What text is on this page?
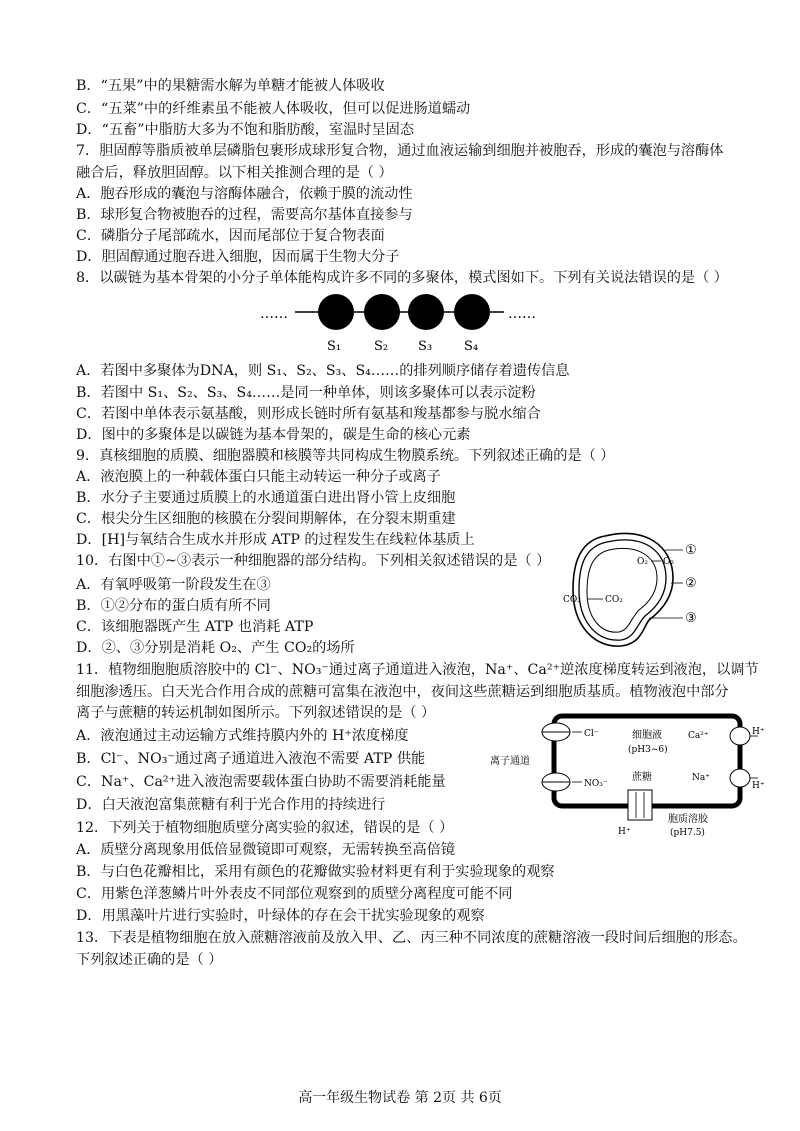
B．“五果”中的果糖需水解为单糖才能被人体吸收
C．“五菜”中的纤维素虽不能被人体吸收，但可以促进肠道蠕动
D．“五畜”中脂肪大多为不饱和脂肪酸，室温时呈固态
7．胆固醇等脂质被单层磷脂包裹形成球形复合物，通过血液运输到细胞并被胞吞，形成的囊泡与溶酶体
融合后，释放胆固醇。以下相关推测合理的是（ ）
A．胞吞形成的囊泡与溶酶体融合，依赖于膜的流动性
B．球形复合物被胞吞的过程，需要高尔基体直接参与
C．磷脂分子尾部疏水，因而尾部位于复合物表面
D．胆固醇通过胞吞进入细胞，因而属于生物大分子
8．以碳链为基本骨架的小分子单体能构成许多不同的多聚体，模式图如下。下列有关说法错误的是（ ）
……	……
S₁	S₂ S₃ S₄
A．若图中多聚体为DNA，则 S₁、S₂、S₃、S₄……的排列顺序储存着遗传信息
B．若图中 S₁、S₂、S₃、S₄……是同一种单体，则该多聚体可以表示淀粉
C．若图中单体表示氨基酸，则形成长链时所有氨基和羧基都参与脱水缩合
D．图中的多聚体是以碳链为基本骨架的，碳是生命的核心元素
9．真核细胞的质膜、细胞器膜和核膜等共同构成生物膜系统。下列叙述正确的是（ ）
A．液泡膜上的一种载体蛋白只能主动转运一种分子或离子
B．水分子主要通过质膜上的水通道蛋白进出肾小管上皮细胞
C．根尖分生区细胞的核膜在分裂间期解体，在分裂末期重建
D．[H]与氧结合生成水并形成 ATP 的过程发生在线粒体基质上
10．右图中①~③表示一种细胞器的部分结构。下列相关叙述错误的是（ ）
A．有氧呼吸第一阶段发生在③
B．①②分布的蛋白质有所不同
C．该细胞器既产生 ATP 也消耗 ATP
D．②、③分别是消耗 O₂、产生 CO₂的场所
O₂ O₂
CO₂	CO₂
①
②
③
11．植物细胞胞质溶胶中的 Cl⁻、NO₃⁻通过离子通道进入液泡，Na⁺、Ca²⁺逆浓度梯度转运到液泡，以调节
细胞渗透压。白天光合作用合成的蔗糖可富集在液泡中，夜间这些蔗糖运到细胞质基质。植物液泡中部分
离子与蔗糖的转运机制如图所示。下列叙述错误的是（ ）
A．液泡通过主动运输方式维持膜内外的 H⁺浓度梯度
B．Cl⁻、NO₃⁻通过离子通道进入液泡不需要 ATP 供能
C．Na⁺、Ca²⁺进入液泡需要载体蛋白协助不需要消耗能量
D．白天液泡富集蔗糖有利于光合作用的持续进行
细胞液
(pH3~6)
Cl⁻
离子通道
NO₃⁻
蔗糖
H⁺
胞质溶胶
(pH7.5)
Ca²⁺	H⁺
Na⁺
H⁺
12．下列关于植物细胞质壁分离实验的叙述，错误的是（ ）
A．质壁分离现象用低倍显微镜即可观察，无需转换至高倍镜
B．与白色花瓣相比，采用有颜色的花瓣做实验材料更有利于实验现象的观察
C．用紫色洋葱鳞片叶外表皮不同部位观察到的质壁分离程度可能不同
D．用黑藻叶片进行实验时，叶绿体的存在会干扰实验现象的观察
13．下表是植物细胞在放入蔗糖溶液前及放入甲、乙、丙三种不同浓度的蔗糖溶液一段时间后细胞的形态。
下列叙述正确的是（ ）
高一年级生物试卷 第 2页 共 6页
